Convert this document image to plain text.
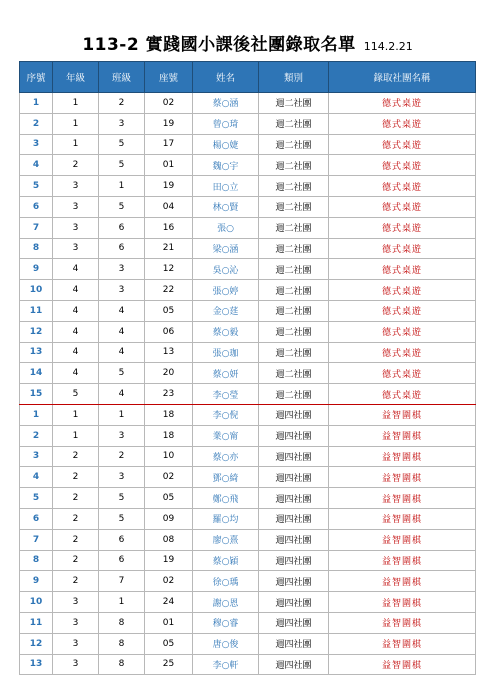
113-2 實踐國小課後社團錄取名單 114.2.21
序號	年級	班級	座號	姓名	類別	錄取社團名稱
1	1	2	02	蔡○涵	週二社團	德式桌遊
2	1	3	19	曾○琦	週二社團	德式桌遊
3	1	5	17	楊○婕	週二社團	德式桌遊
4	2	5	01	魏○宇	週二社團	德式桌遊
5	3	1	19	田○立	週二社團	德式桌遊
6	3	5	04	林○賢	週二社團	德式桌遊
7	3	6	16	張○	週二社團	德式桌遊
8	3	6	21	梁○涵	週二社團	德式桌遊
9	4	3	12	吳○沁	週二社團	德式桌遊
10	4	3	22	張○婷	週二社團	德式桌遊
11	4	4	05	金○莛	週二社團	德式桌遊
12	4	4	06	蔡○毅	週二社團	德式桌遊
13	4	4	13	張○珈	週二社團	德式桌遊
14	4	5	20	蔡○妍	週二社團	德式桌遊
15	5	4	23	李○瑩	週二社團	德式桌遊
1	1	1	18	李○倪	週四社團	益智圍棋
2	1	3	18	業○甯	週四社團	益智圍棋
3	2	2	10	蔡○亦	週四社團	益智圍棋
4	2	3	02	鄧○綺	週四社團	益智圍棋
5	2	5	05	鄭○飛	週四社團	益智圍棋
6	2	5	09	羅○均	週四社團	益智圍棋
7	2	6	08	廖○熹	週四社團	益智圍棋
8	2	6	19	蔡○穎	週四社團	益智圍棋
9	2	7	02	徐○瑀	週四社團	益智圍棋
10	3	1	24	謝○恩	週四社團	益智圍棋
11	3	8	01	穆○睿	週四社團	益智圍棋
12	3	8	05	唐○俊	週四社團	益智圍棋
13	3	8	25	李○軒	週四社團	益智圍棋
